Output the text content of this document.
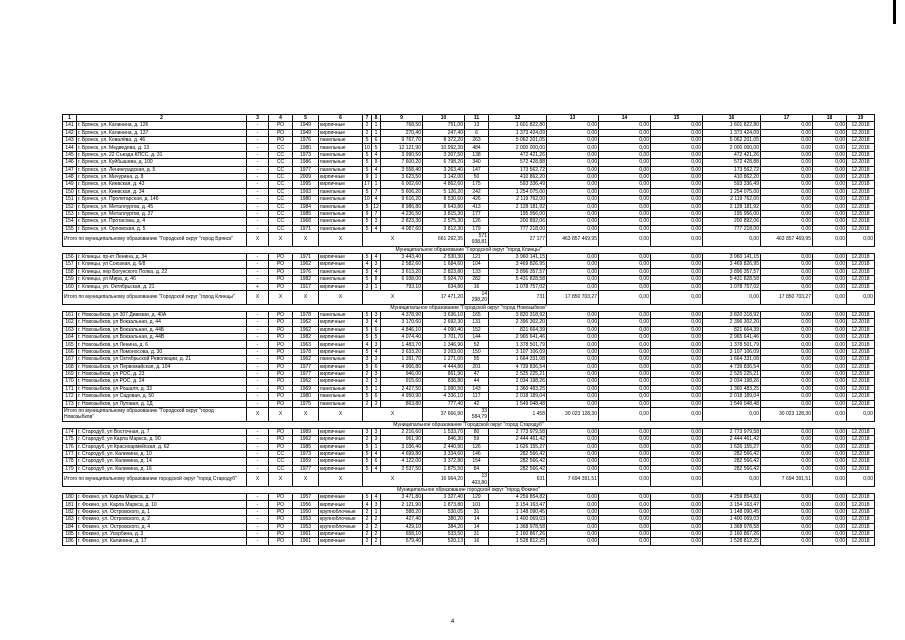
1	2	3	4	5	6	7	8	9	10	11	12	13	14	15	16	17	18	19	
141	г. Брянск, ул. Калинина, д. 126	-	РО	1949	кирпичные	2	1	768,50	751,00	13	1 601 822,80	0,00	0,00	0,00	1 601 822,80	0,00	0,00	12.2018	
142	г. Брянск, ул. Калинина, д. 137	-	РО	1949	кирпичные	2	1	270,40	247,40	6	1 373 424,09	0,00	0,00	0,00	1 373 424,09	0,00	0,00	12.2018	
143	г. Брянск, ул. Ковалёва, д. 46	-	РО	1976	панельные	5	6	9 767,70	8 372,20	263	5 062 201,05	0,00	0,00	0,00	5 062 201,05	0,00	0,00	12.2018	
144	г. Брянск, ул. Медведева, д. 13	-	СС	1980	панельные	10	5	12 121,90	10 992,30	484	2 000 000,00	0,00	0,00	0,00	2 000 000,00	0,00	0,00	12.2018	
145	г. Брянск, ул. 22 Съезда КПСС, д. 31	-	СС	1973	панельные	5	4	3 990,50	3 307,50	138	472 421,26	0,00	0,00	0,00	472 421,26	0,00	0,00	12.2018	
146	г. Брянск, ул. Куйбышева, д. 100	-	СС	1986	панельные	5	9	7 600,20	6 798,20	340	572 428,88	0,00	0,00	0,00	572 428,88	0,00	0,00	12.2018	
147	г. Брянск, ул. Ленинградская, д. 5	-	СС	1977	панельные	5	4	3 558,40	3 263,40	147	173 562,72	0,00	0,00	0,00	173 562,72	0,00	0,00	12.2018	
148	г. Брянск, ул. Мичурина, д. 8	-	СС	2009	кирпичные	9	1	3 623,50	3 142,00	50	410 862,20	0,00	0,00	0,00	410 862,20	0,00	0,00	12.2018	
149	г. Брянск, ул. Киевская, д. 43	-	СС	1995	кирпичные	17	1	6 002,60	4 862,60	175	593 336,49	0,00	0,00	0,00	593 336,49	0,00	0,00	12.2018	
150	г. Брянск, ул. Киевская, д. 34	-	СС	1993	панельные	5	7	5 606,20	5 126,20	242	1 254 075,00	0,00	0,00	0,00	1 254 075,00	0,00	0,00	12.2018	
151	г. Брянск, ул. Пролетарская, д. 146	-	СС	1980	панельные	10	4	9 616,20	8 530,60	426	2 119 762,00	0,00	0,00	0,00	2 119 762,00	0,00	0,00	12.2018	
152	г. Брянск, ул. Металлургов, д. 45	-	СС	1984	панельные	5	12	8 986,80	8 643,80	413	2 128 181,92	0,00	0,00	0,00	2 128 181,92	0,00	0,00	12.2018	
153	г. Брянск, ул. Металлургов, д. 37	-	СС	1985	панельные	9	7	4 236,50	3 815,30	177	195 956,00	0,00	0,00	0,00	195 956,00	0,00	0,00	12.2018	
154	г. Брянск, ул. Протасова, д. 4	-	СС	1968	панельные	5	3	2 823,30	2 575,30	126	200 892,06	0,00	0,00	0,00	200 892,06	0,00	0,00	12.2018	
155	г. Брянск, ул. Орловская, д. 5	-	СС	1971	панельные	5	4	4 087,60	3 812,30	179	777 218,00	0,00	0,00	0,00	777 218,00	0,00	0,00	12.2018	
Итого по муниципальному образованию "Городской округ "город Брянск"		Х	Х	Х	Х	Х			661 292,35	571 938,81	27 177	463 857 469,95	0,00	0,00	0,00	463 857 469,95	0,00	0,00	
Муниципальное образование "Городской округ "город Клинцы"																			
156	г. Клинцы, пр-кт Ленина, д. 34	-	РО	1971	кирпичные	5	4	3 443,40	2 530,30	121	3 960 141,15	0,00	0,00	0,00	3 960 141,15	0,00	0,00	12.2018	
157	г. Клинцы, ул Союзная, д. 6/8	-	РО	1962	кирпичные	4	3	2 582,60	1 684,60	104	3 469 826,95	0,00	0,00	0,00	3 469 826,95	0,00	0,00	12.2018	
158	г. Клинцы, пер Богунского Полка, д. 22	-	РО	1976	панельные	5	4	3 613,20	2 823,80	133	3 896 357,57	0,00	0,00	0,00	3 896 357,57	0,00	0,00	12.2018	
159	г. Клинцы, ул Мира, д. 46	-	РО	1982	панельные	5	8	6 938,00	5 924,70	282	5 431 828,58	0,00	0,00	0,00	5 431 828,58	0,00	0,00	12.2018	
160	г. Клинцы, ул. Октябрьская, д. 21	+	РО	1917	кирпичные	2	1	793,10	634,80	16	1 078 757,02	0,00	0,00	0,00	1 078 757,02	0,00	0,00	12.2018	
Итого по муниципальному образованию "Городской округ "город Клинцы"		Х	Х	Х	Х	Х			17 471,20	14 298,20	731	17 850 703,27	0,00	0,00	0,00	17 850 703,27	0,00	0,00	
Муниципальное образование "Городской округ "город Новозыбков"																			
161	г. Новозыбков, ул 307 Дивизии, д. 40А	-	РО	1978	панельные	5	3	4 378,90	3 636,10	165	3 820 318,92	0,00	0,00	0,00	3 820 318,92	0,00	0,00	12.2018	
162	г. Новозыбков, ул Вокзальная, д. 44	-	РО	1962	кирпичные	3	4	3 170,60	2 692,30	131	2 396 302,20	0,00	0,00	0,00	2 396 302,20	0,00	0,00	12.2018	
163	г. Новозыбков, ул Вокзальная, д. 44Б	-	РО	1962	кирпичные	5	6	4 846,10	4 090,40	152	821 664,39	0,00	0,00	0,00	821 664,39	0,00	0,00	12.2018	
164	г. Новозыбков, ул Вокзальная, д. 44В	-	РО	1982	кирпичные	5	5	4 074,40	3 701,70	144	2 965 641,46	0,00	0,00	0,00	2 965 641,46	0,00	0,00	12.2018	
165	г. Новозыбков, ул Ленина, д. 6	-	РО	1963	кирпичные	4	3	1 483,70	1 346,90	52	1 378 501,79	0,00	0,00	0,00	1 378 501,79	0,00	0,00	12.2018	
166	г. Новозыбков, ул Ломоносова, д. 30	-	РО	1978	кирпичные	5	4	3 633,20	3 203,00	150	3 107 106,09	0,00	0,00	0,00	3 107 106,09	0,00	0,00	12.2018	
167	г. Новозыбков, ул Октябрьской Революции, д. 21	-	РО	1962	панельные	3	3	1 391,70	1 271,00	55	1 664 331,08	0,00	0,00	0,00	1 664 331,08	0,00	0,00	12.2018	
168	г. Новозыбков, ул Первомайская, д. 104	-	РО	1977	кирпичные	5	6	4 906,80	4 444,80	201	4 739 836,54	0,00	0,00	0,00	4 739 836,54	0,00	0,00	12.2018	
169	г. Новозыбков, ул РОС, д. 23	-	РО	1977	кирпичные	2	3	946,00	861,90	47	2 525 225,21	0,00	0,00	0,00	2 525 225,21	0,00	0,00	12.2018	
170	г. Новозыбков, ул РОС, д. 24	-	РО	1962	кирпичные	2	3	915,60	836,80	44	2 034 198,26	0,00	0,00	0,00	2 034 198,26	0,00	0,00	12.2018	
171	г. Новозыбков, ул Рошаля, д. 33	-	РО	1969	панельные	5	1	2 427,50	1 990,50	143	1 360 483,25	0,00	0,00	0,00	1 360 483,25	0,00	0,00	12.2018	
172	г. Новозыбков, ул Садовая, д. 50	-	РО	1980	панельные	5	6	4 950,90	4 336,10	117	2 018 189,04	0,00	0,00	0,00	2 018 189,04	0,00	0,00	12.2018	
173	г. Новозыбков, ул Луговая, д. 1Д	-	РО	1975	панельные	2	3	863,80	777,40	42	1 549 048,48	0,00	0,00	0,00	1 549 048,48	0,00	0,00	12.2018	
Итого по муниципальному образованию "Городской округ "город Новозыбков"		Х	Х	Х	Х	Х			37 666,90	33 584,79	1 458	30 023 128,30	0,00	0,00	0,00	30 023 128,30	0,00	0,00	
Муниципальное образование "Городской округ "город Стародуб"																			
174	г. Стародуб, ул Восточная, д. 7	-	РО	1989	кирпичные	3	3	2 216,60	1 533,70	80	2 773 979,58	0,00	0,00	0,00	2 773 979,58	0,00	0,00	12.2018	
175	г. Стародуб, ул Карла Маркса, д. 90	-	РО	1962	кирпичные	2	3	961,90	846,30	59	2 444 461,42	0,00	0,00	0,00	2 444 461,42	0,00	0,00	12.2018	
176	г. Стародуб, ул Красноармейская, д. 62	-	РО	1985	кирпичные	5	1	3 036,40	2 440,90	126	1 626 155,27	0,00	0,00	0,00	1 626 155,27	0,00	0,00	12.2018	
177	г. Стародуб, ул. Калинина, д. 10	-	СС	1973	кирпичные	5	4	4 699,80	3 334,60	146	282 566,42	0,00	0,00	0,00	282 566,42	0,00	0,00	12.2018	
178	г. Стародуб, ул. Калинина, д. 14	-	СС	1959	кирпичные	5	6	4 122,00	3 372,80	154	282 566,42	0,00	0,00	0,00	282 566,42	0,00	0,00	12.2018	
179	г. Стародуб, ул. Калинина, д. 16	-	СС	1977	кирпичные	5	4	2 537,50	1 875,50	84	282 566,42	0,00	0,00	0,00	282 566,42	0,00	0,00	12.2018	
Итого по муниципальному образованию городской округ "город Стародуб"		Х	Х	Х	Х	Х			16 964,20	13 403,80	631	7 694 391,51	0,00	0,00	0,00	7 694 391,51	0,00	0,00	
Муниципальное образование городской округ "город Фокино"																			
180	г. Фокино, ул. Карла Маркса, д. 7	-	РО	1957	кирпичные	5	4	3 471,80	3 327,40	129	4 259 854,82	0,00	0,00	0,00	4 259 854,82	0,00	0,00	12.2018	
181	г. Фокино, ул. Карла Маркса, д. 10	-	РО	1956	кирпичные	4	3	2 121,90	1 873,80	101	3 154 163,47	0,00	0,00	0,00	3 154 163,47	0,00	0,00	12.2018	
182	г. Фокино, ул. Островского, д. 1	-	РО	1950	крупноблочные	2	1	588,20	530,05	31	1 148 090,45	0,00	0,00	0,00	1 148 090,45	0,00	0,00	12.2018	
183	г. Фокино, ул. Островского, д. 2	-	РО	1953	крупноблочные	2	2	427,40	380,20	14	1 400 069,03	0,00	0,00	0,00	1 400 069,03	0,00	0,00	12.2018	
184	г. Фокино, ул. Островского, д. 4	-	РО	1953	крупноблочные	2	2	429,10	384,20	14	1 368 978,58	0,00	0,00	0,00	1 368 978,58	0,00	0,00	12.2018	
185	г. Фокино, ул. Усербина, д. 3	-	РО	1961	кирпичные	2	2	658,10	533,50	31	2 160 867,26	0,00	0,00	0,00	2 160 867,26	0,00	0,00	12.2018	
186	г. Фокино, ул. Калинина, д. 17	-	РО	1961	кирпичные	2	2	579,40	520,13	16	1 528 812,25	0,00	0,00	0,00	1 528 812,25	0,00	0,00	12.2018	
4
